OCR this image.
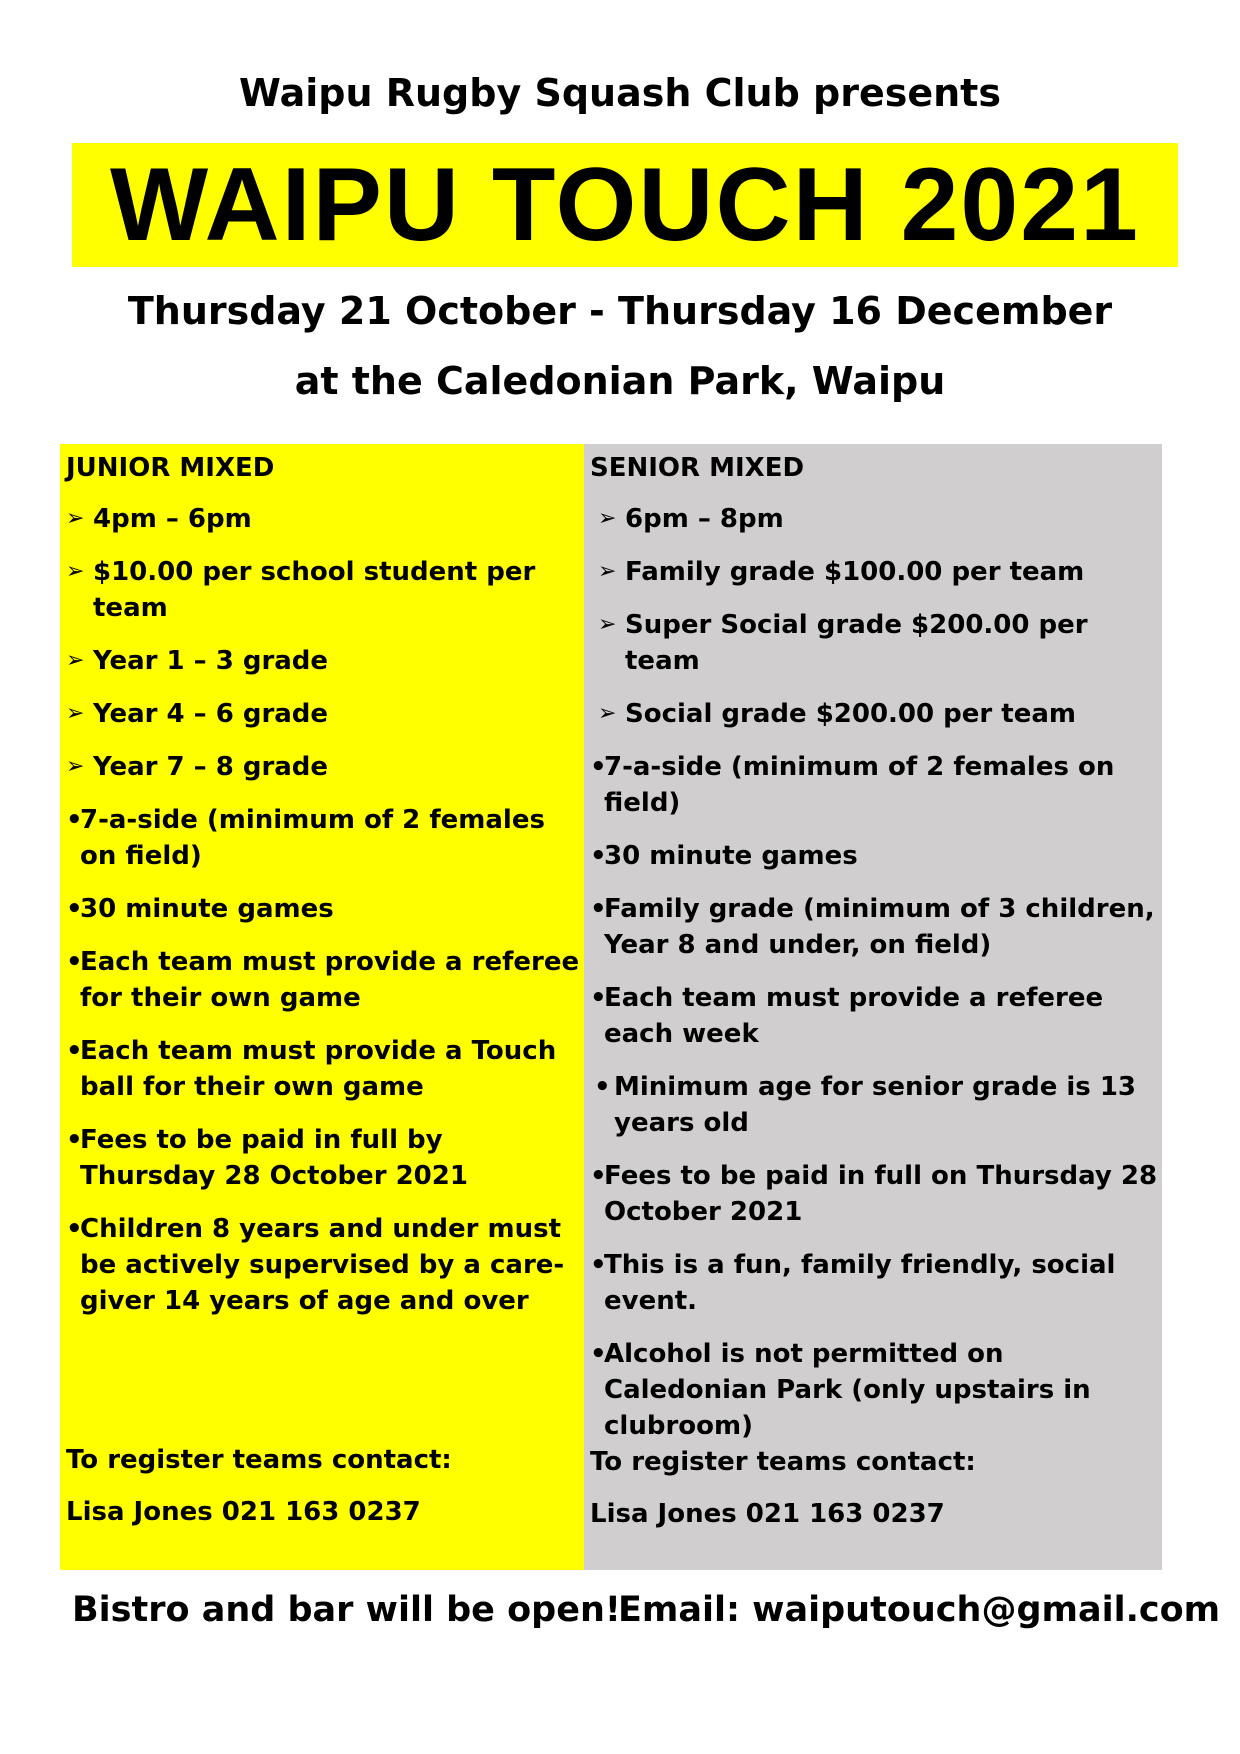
Waipu Rugby Squash Club presents
WAIPU TOUCH 2021
Thursday 21 October - Thursday 16 December
at the Caledonian Park, Waipu
JUNIOR MIXED
➢ 4pm – 6pm
➢ $10.00 per school student per team
➢ Year 1 – 3 grade
➢ Year 4 – 6 grade
➢ Year 7 – 8 grade
•
7-a-side (minimum of 2 females on field)
•
30 minute games
•
Each team must provide a referee for their own game
•
Each team must provide a Touch ball for their own game
•
Fees to be paid in full by Thursday 28 October 2021
•
Children 8 years and under must be actively supervised by a care-giver 14 years of age and over
To register teams contact:
Lisa Jones 021 163 0237
SENIOR MIXED
➢ 6pm – 8pm
➢ Family grade $100.00 per team
➢ Super Social grade $200.00 per team
➢ Social grade $200.00 per team
•
7-a-side (minimum of 2 females on field)
•
30 minute games
•
Family grade (minimum of 3 children, Year 8 and under, on field)
•
Each team must provide a referee each week
• Minimum age for senior grade is 13 years old
•
Fees to be paid in full on Thursday 28 October 2021
•
This is a fun, family friendly, social event.
•
Alcohol is not permitted on Caledonian Park (only upstairs in clubroom)
To register teams contact:
Lisa Jones 021 163 0237
Bistro and bar will be open!
Email: waiputouch@gmail.com
